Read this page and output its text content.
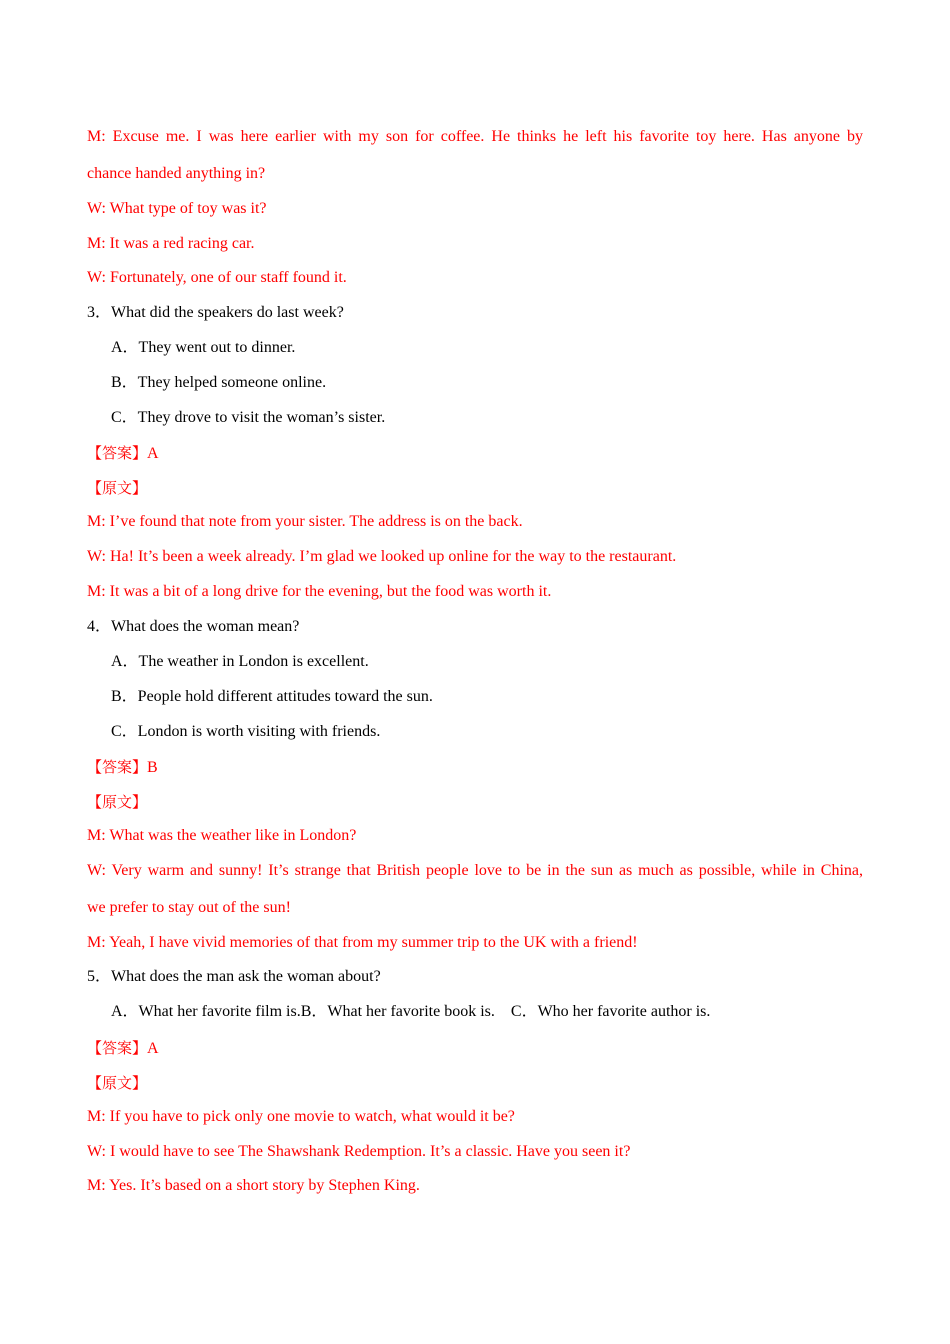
M: Excuse me. I was here earlier with my son for coffee. He thinks he left his favorite toy here. Has anyone by
chance handed anything in?
W: What type of toy was it?
M: It was a red racing car.
W: Fortunately, one of our staff found it.
3．What did the speakers do last week?
A．They went out to dinner.
B．They helped someone online.
C．They drove to visit the woman’s sister.
【答案】A
【原文】
M: I’ve found that note from your sister. The address is on the back.
W: Ha! It’s been a week already. I’m glad we looked up online for the way to the restaurant.
M: It was a bit of a long drive for the evening, but the food was worth it.
4．What does the woman mean?
A．The weather in London is excellent.
B．People hold different attitudes toward the sun.
C．London is worth visiting with friends.
【答案】B
【原文】
M: What was the weather like in London?
W: Very warm and sunny! It’s strange that British people love to be in the sun as much as possible, while in China,
we prefer to stay out of the sun!
M: Yeah, I have vivid memories of that from my summer trip to the UK with a friend!
5．What does the man ask the woman about?
A．What her favorite film is.B．What her favorite book is.　C．Who her favorite author is.
【答案】A
【原文】
M: If you have to pick only one movie to watch, what would it be?
W: I would have to see The Shawshank Redemption. It’s a classic. Have you seen it?
M: Yes. It’s based on a short story by Stephen King.
